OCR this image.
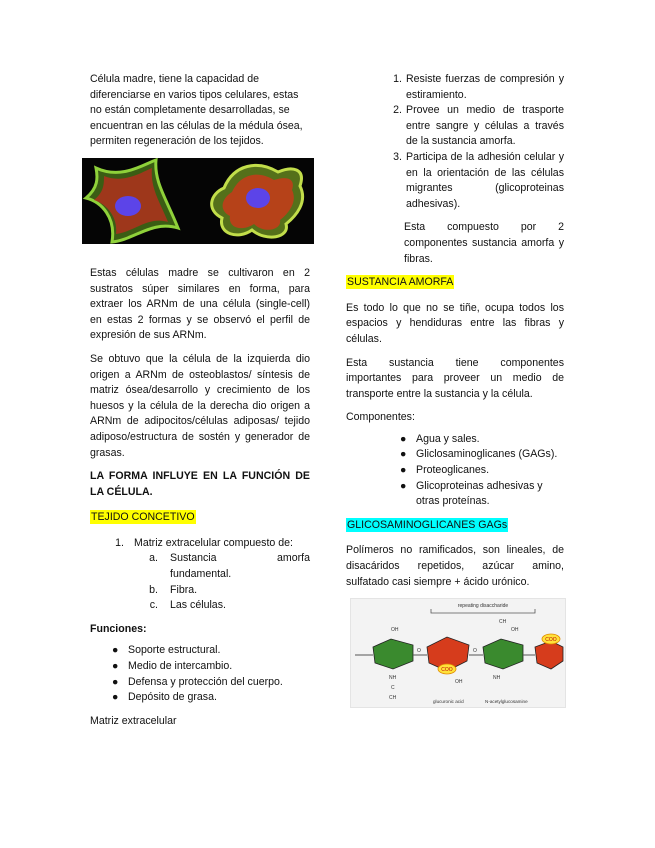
Célula madre, tiene la capacidad de diferenciarse en varios tipos celulares, estas no están completamente desarrolladas, se encuentran en las células de la médula ósea, permiten regeneración de los tejidos.

Estas células madre se cultivaron en 2 sustratos súper similares en forma, para extraer los ARNm de una célula (single-cell) en estas 2 formas y se observó el perfil de expresión de sus ARNm.

Se obtuvo que la célula de la izquierda dio origen a ARNm de osteoblastos/ síntesis de matriz ósea/desarrollo y crecimiento de los huesos y la célula de la derecha dio origen a ARNm de adipocitos/células adiposas/ tejido adiposo/estructura de sostén y generador de grasas.

LA FORMA INFLUYE EN LA FUNCIÓN DE LA CÉLULA.

TEJIDO CONCETIVO

1. Matriz extracelular compuesto de:
a. Sustancia amorfa fundamental.
b. Fibra.
c. Las células.

Funciones:

● Soporte estructural.
● Medio de intercambio.
● Defensa y protección del cuerpo.
● Depósito de grasa.

Matriz extracelular

1. Resiste fuerzas de compresión y estiramiento.
2. Provee un medio de trasporte entre sangre y células a través de la sustancia amorfa.
3. Participa de la adhesión celular y en la orientación de las células migrantes (glicoproteinas adhesivas).

Esta compuesto por 2 componentes sustancia amorfa y fibras.

SUSTANCIA AMORFA

Es todo lo que no se tiñe, ocupa todos los espacios y hendiduras entre las fibras y células.

Esta sustancia tiene componentes importantes para proveer un medio de transporte entre la sustancia y la célula.

Componentes:

● Agua y sales.
● Gliclosaminoglicanes (GAGs).
● Proteoglicanes.
● Glicoproteinas adhesivas y otras proteínas.

GLICOSAMINOGLICANES GAGs

Polímeros no ramificados, son lineales, de disacáridos repetidos, azúcar amino, sulfatado casi siempre + ácido urónico.

repeating disaccharide
COO
COO
OH
OH
OH
O	O
NH	NH
C
CH
CH
glucuronic acid	N-acetylglucosamine
